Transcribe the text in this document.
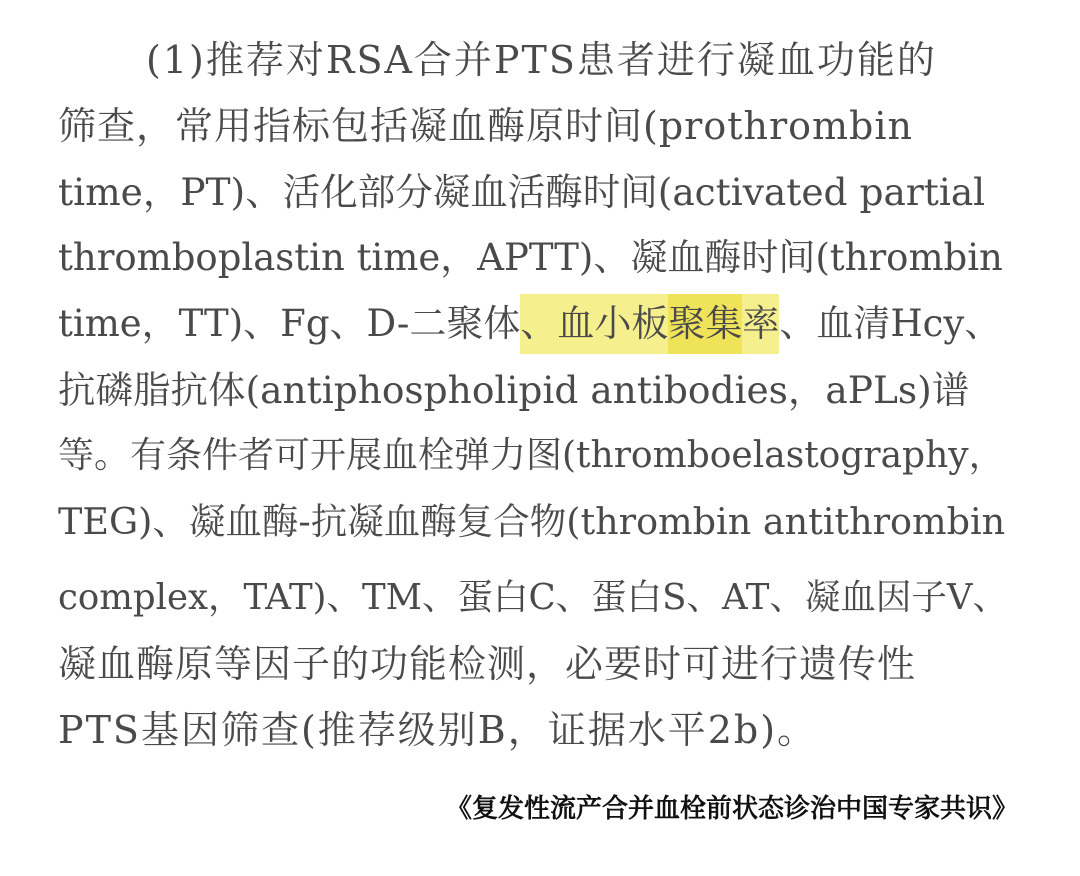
(1)推荐对RSA合并PTS患者进行凝血功能的
筛查，常用指标包括凝血酶原时间(prothrombin
time，PT)、活化部分凝血活酶时间(activated partial
thromboplastin time，APTT)、凝血酶时间(thrombin
time，TT)、Fg、D-二聚体 、血小板 聚集 率 、血清Hcy、
抗磷脂抗体(antiphospholipid antibodies，aPLs)谱
等。有条件者可开展血栓弹力图(thromboelastography，
TEG)、凝血酶-抗凝血酶复合物(thrombin antithrombin
complex，TAT)、TM、蛋白C、蛋白S、AT、凝血因子V、
凝血酶原等因子的功能检测，必要时可进行遗传性
PTS基因筛查(推荐级别B，证据水平2b)。
《复发性流产合并血栓前状态诊治中国专家共识》
